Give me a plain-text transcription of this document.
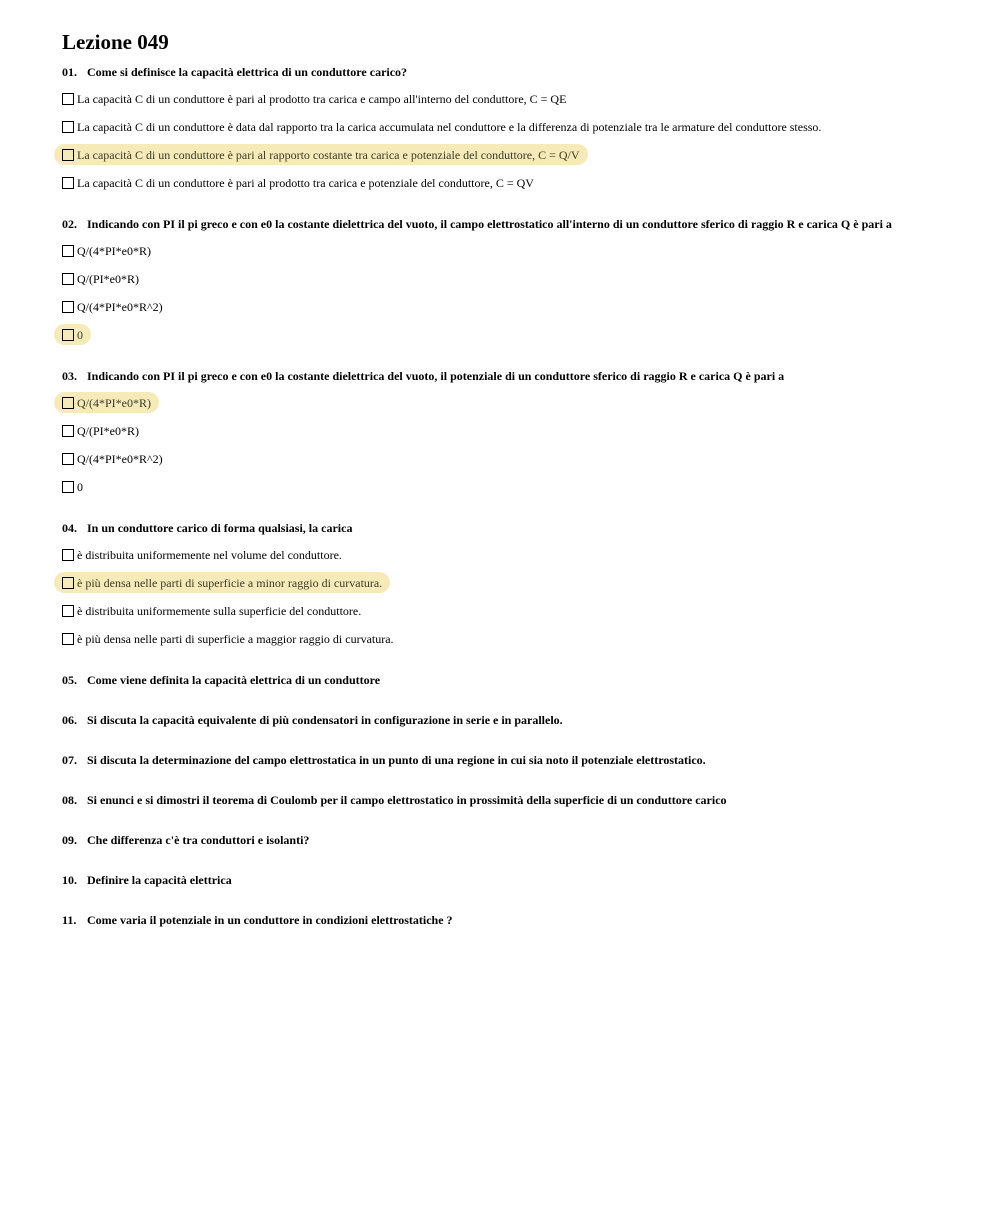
Lezione 049
01. Come si definisce la capacità elettrica di un conduttore carico?
La capacità C di un conduttore è pari al prodotto tra carica e campo all'interno del conduttore, C = QE
La capacità C di un conduttore è data dal rapporto tra la carica accumulata nel conduttore e la differenza di potenziale tra le armature del conduttore stesso.
La capacità C di un conduttore è pari al rapporto costante tra carica e potenziale del conduttore, C = Q/V
La capacità C di un conduttore è pari al prodotto tra carica e potenziale del conduttore, C = QV
02. Indicando con PI il pi greco e con e0 la costante dielettrica del vuoto, il campo elettrostatico all'interno di un conduttore sferico di raggio R e carica Q è pari a
Q/(4*PI*e0*R)
Q/(PI*e0*R)
Q/(4*PI*e0*R^2)
0
03. Indicando con PI il pi greco e con e0 la costante dielettrica del vuoto, il potenziale di un conduttore sferico di raggio R e carica Q è pari a
Q/(4*PI*e0*R)
Q/(PI*e0*R)
Q/(4*PI*e0*R^2)
0
04. In un conduttore carico di forma qualsiasi, la carica
è distribuita uniformemente nel volume del conduttore.
è più densa nelle parti di superficie a minor raggio di curvatura.
è distribuita uniformemente sulla superficie del conduttore.
è più densa nelle parti di superficie a maggior raggio di curvatura.
05. Come viene definita la capacità elettrica di un conduttore
06. Si discuta la capacità equivalente di più condensatori in configurazione in serie e in parallelo.
07. Si discuta la determinazione del campo elettrostatica in un punto di una regione in cui sia noto il potenziale elettrostatico.
08. Si enunci e si dimostri il teorema di Coulomb per il campo elettrostatico in prossimità della superficie di un conduttore carico
09. Che differenza c'è tra conduttori e isolanti?
10. Definire la capacità elettrica
11. Come varia il potenziale in un conduttore in condizioni elettrostatiche ?
